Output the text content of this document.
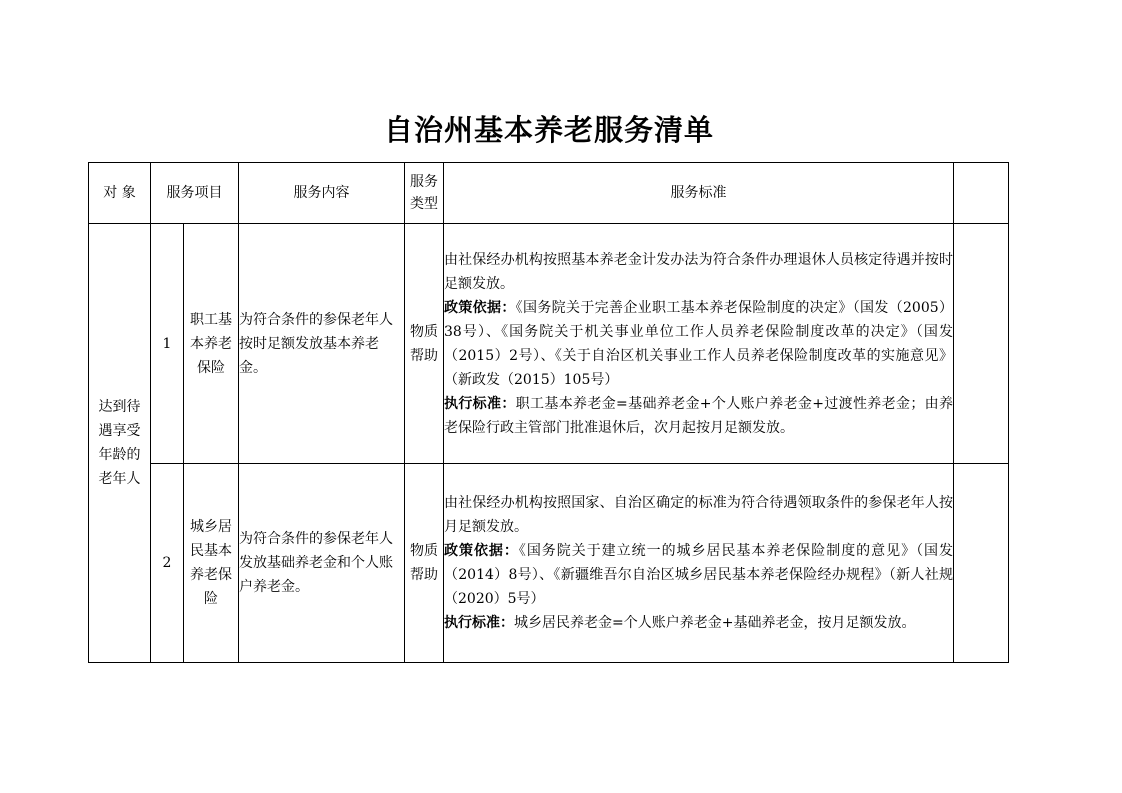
自治州基本养老服务清单
对 象	服务项目		服务内容	服务类型	服务标准	
达到待遇享受年龄的老年人	1	职工基本养老保险	为符合条件的参保老年人按时足额发放基本养老金。	物质帮助	由社保经办机构按照基本养老金计发办法为符合条件办理退休人员核定待遇并按时足额发放。

政策依据：《国务院关于完善企业职工基本养老保险制度的决定》（国发（2005）38号）、《国务院关于机关事业单位工作人员养老保险制度改革的决定》（国发（2015）2号）、《关于自治区机关事业工作人员养老保险制度改革的实施意见》（新政发（2015）105号）

执行标准：职工基本养老金=基础养老金+个人账户养老金+过渡性养老金；由养老保险行政主管部门批准退休后，次月起按月足额发放。	

	2	城乡居民基本养老保险	为符合条件的参保老年人发放基础养老金和个人账户养老金。	物质帮助	由社保经办机构按照国家、自治区确定的标准为符合待遇领取条件的参保老年人按月足额发放。

政策依据：《国务院关于建立统一的城乡居民基本养老保险制度的意见》（国发（2014）8号）、《新疆维吾尔自治区城乡居民基本养老保险经办规程》（新人社规（2020）5号）

执行标准：城乡居民养老金=个人账户养老金+基础养老金，按月足额发放。	
